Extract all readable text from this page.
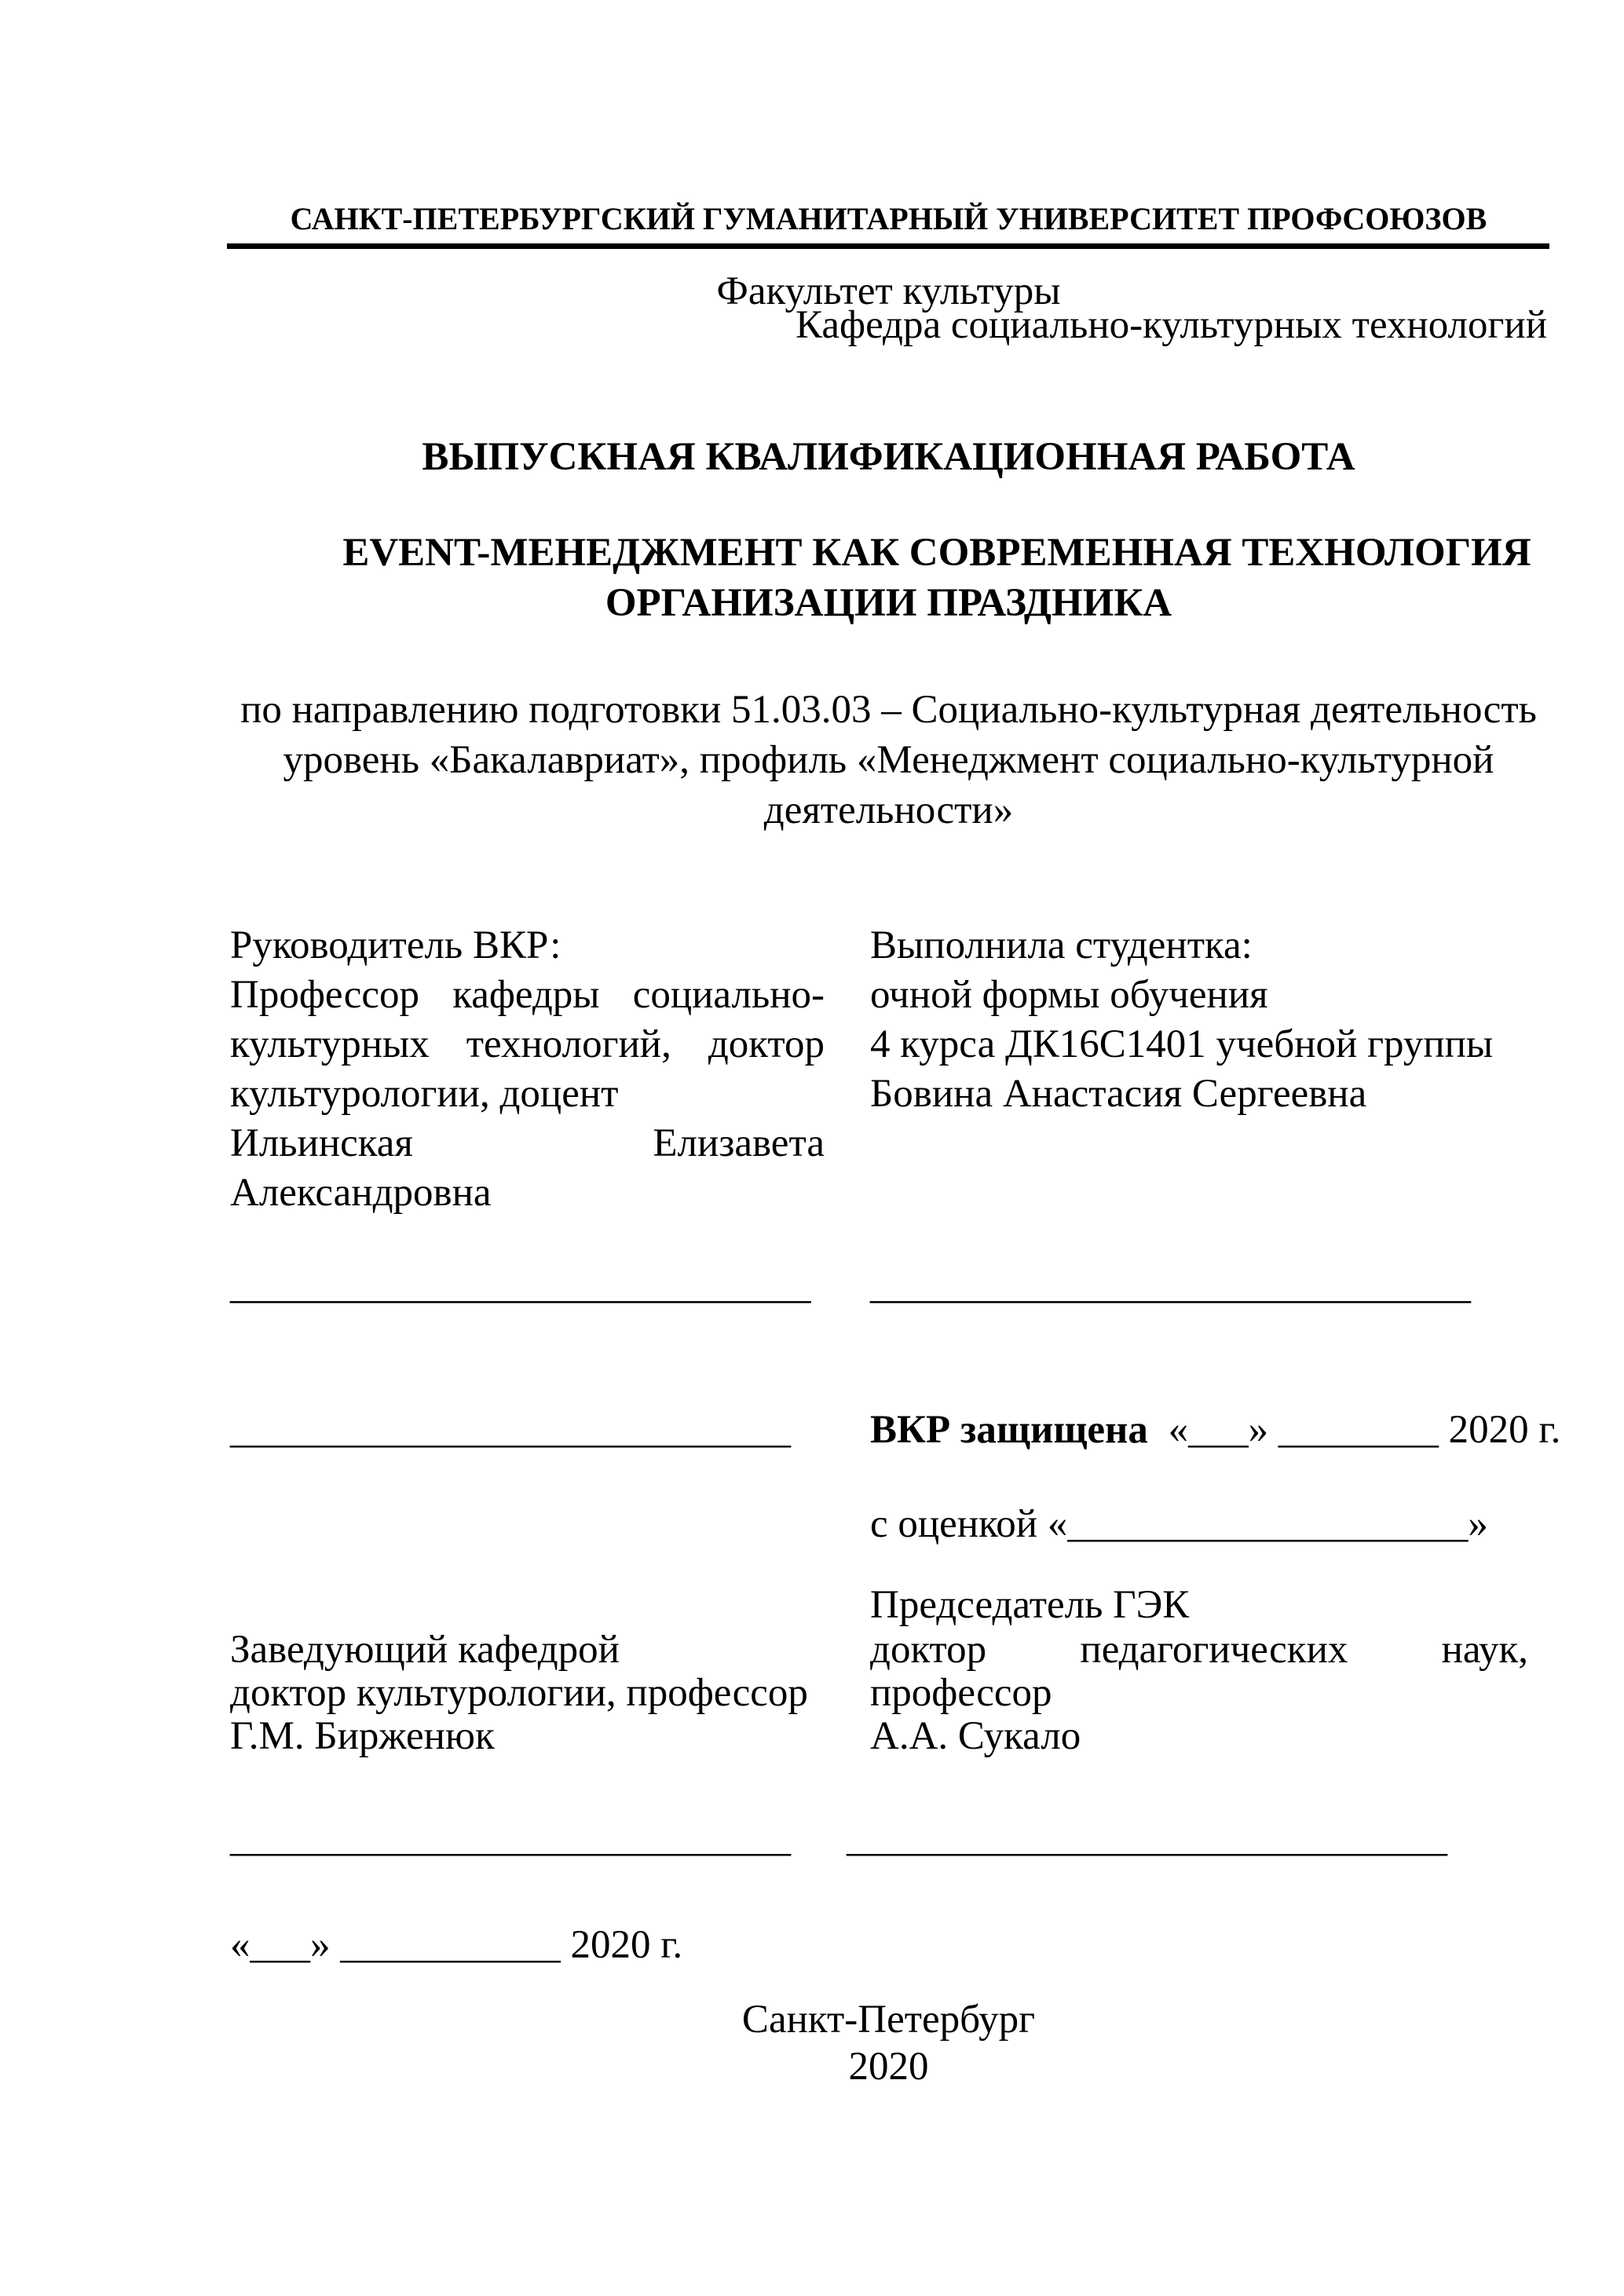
САНКТ-ПЕТЕРБУРГСКИЙ ГУМАНИТАРНЫЙ УНИВЕРСИТЕТ ПРОФСОЮЗОВ
Факультет культуры
Кафедра социально-культурных технологий
ВЫПУСКНАЯ КВАЛИФИКАЦИОННАЯ РАБОТА
EVENT-МЕНЕДЖМЕНТ КАК СОВРЕМЕННАЯ ТЕХНОЛОГИЯ
ОРГАНИЗАЦИИ ПРАЗДНИКА
по направлению подготовки 51.03.03 – Социально-культурная деятельность
уровень «Бакалавриат», профиль «Менеджмент социально-культурной
деятельности»
Руководитель ВКР:
Профессор кафедры социально-
культурных технологий, доктор
культурологии, доцент
Ильинская Елизавета
Александровна
Выполнила студентка:
очной формы обучения
4 курса ДК16С1401 учебной группы
Бовина Анастасия Сергеевна
_____________________________ ______________________________
____________________________ ВКР защищена «___» ________ 2020 г.
с оценкой «____________________»
Председатель ГЭК
Заведующий кафедрой
доктор культурологии, профессор
Г.М. Бирженюк
доктор педагогических наук,
профессор
А.А. Сукало
____________________________ ______________________________
«___» ___________ 2020 г.
Санкт-Петербург
2020
